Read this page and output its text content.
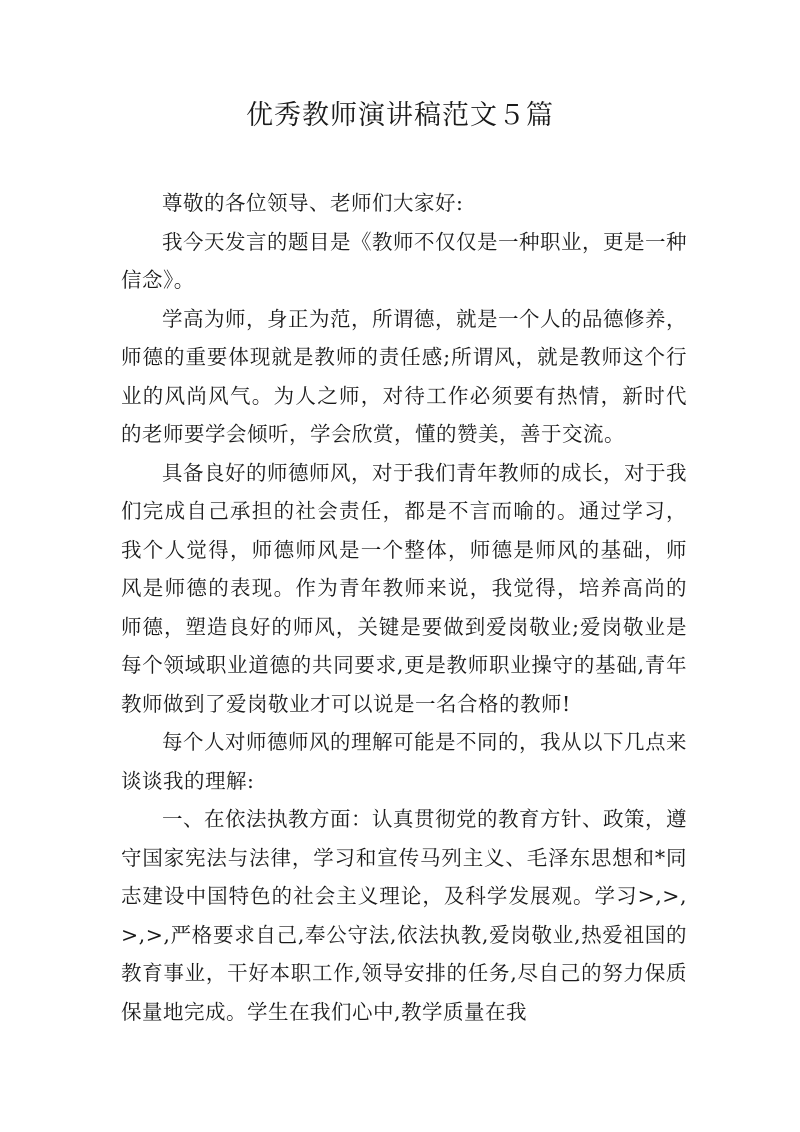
优秀教师演讲稿范文５篇

尊敬的各位领导、老师们大家好:

我今天发言的题目是《教师不仅仅是一种职业，更是一种信念》。

学高为师，身正为范，所谓德，就是一个人的品德修养，师德的重要体现就是教师的责任感;所谓风，就是教师这个行业的风尚风气。为人之师，对待工作必须要有热情，新时代的老师要学会倾听，学会欣赏，懂的赞美，善于交流。

具备良好的师德师风，对于我们青年教师的成长，对于我们完成自己承担的社会责任，都是不言而喻的。通过学习，我个人觉得，师德师风是一个整体，师德是师风的基础，师风是师德的表现。作为青年教师来说，我觉得，培养高尚的师德，塑造良好的师风，关键是要做到爱岗敬业;爱岗敬业是每个领域职业道德的共同要求,更是教师职业操守的基础,青年教师做到了爱岗敬业才可以说是一名合格的教师!

每个人对师德师风的理解可能是不同的，我从以下几点来谈谈我的理解:

一、在依法执教方面：认真贯彻党的教育方针、政策，遵守国家宪法与法律，学习和宣传马列主义、毛泽东思想和*同志建设中国特色的社会主义理论，及科学发展观。学习>,>,>,>,严格要求自己,奉公守法,依法执教,爱岗敬业,热爱祖国的教育事业，干好本职工作,领导安排的任务,尽自己的努力保质保量地完成。学生在我们心中,教学质量在我
